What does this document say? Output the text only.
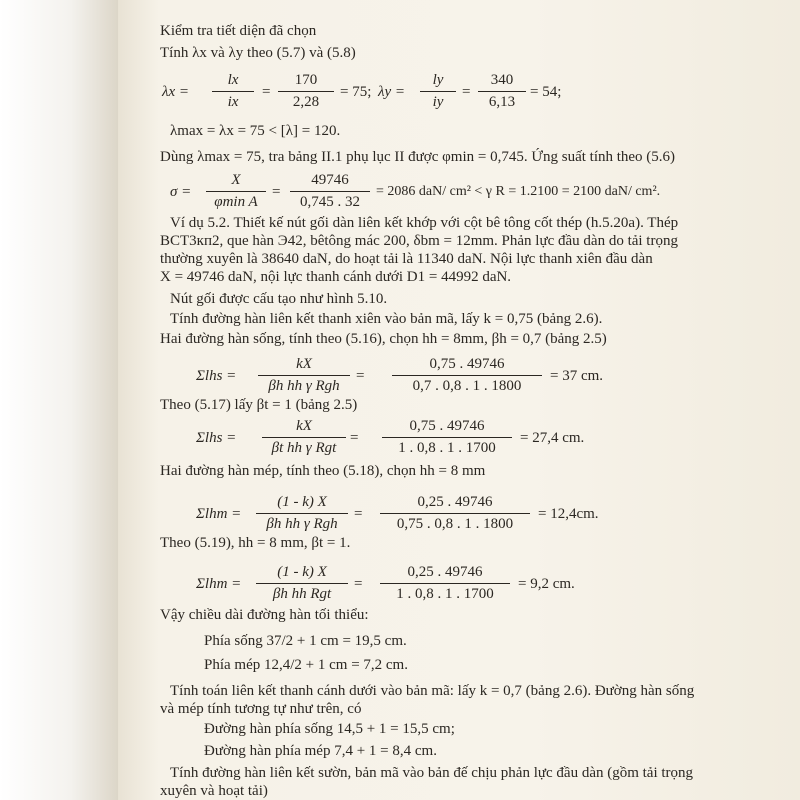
Kiểm tra tiết diện đã chọn
Tính λx và λy theo (5.7) và (5.8)
λx =
lx
ix
=
170
2,28
= 75; λy =
ly
iy
=
340
6,13
= 54;
λmax = λx = 75 < [λ] = 120.
Dùng λmax = 75, tra bảng II.1 phụ lục II được φmin = 0,745. Ứng suất tính theo (5.6)
σ =
X
φmin A
=
49746
0,745 . 32
= 2086 daN/ cm² < γ R = 1.2100 = 2100 daN/ cm².
Ví dụ 5.2. Thiết kế nút gối dàn liên kết khớp với cột bê tông cốt thép (h.5.20a). Thép
BCT3кп2, que hàn Э42, bêtông mác 200, δbm = 12mm. Phản lực đầu dàn do tải trọng
thường xuyên là 38640 daN, do hoạt tải là 11340 daN. Nội lực thanh xiên đầu dàn
X = 49746 daN, nội lực thanh cánh dưới D1 = 44992 daN.
Nút gối được cấu tạo như hình 5.10.
Tính đường hàn liên kết thanh xiên vào bản mã, lấy k = 0,75 (bảng 2.6).
Hai đường hàn sống, tính theo (5.16), chọn hh = 8mm, βh = 0,7 (bảng 2.5)
Σlhs =
kX
βh hh γ Rgh
=
0,75 . 49746
0,7 . 0,8 . 1 . 1800
= 37 cm.
Theo (5.17) lấy βt = 1 (bảng 2.5)
Σlhs =
kX
βt hh γ Rgt
=
0,75 . 49746
1 . 0,8 . 1 . 1700
= 27,4 cm.
Hai đường hàn mép, tính theo (5.18), chọn hh = 8 mm
Σlhm =
(1 - k) X
βh hh γ Rgh
=
0,25 . 49746
0,75 . 0,8 . 1 . 1800
= 12,4cm.
Theo (5.19), hh = 8 mm, βt = 1.
Σlhm =
(1 - k) X
βh hh Rgt
=
0,25 . 49746
1 . 0,8 . 1 . 1700
= 9,2 cm.
Vậy chiều dài đường hàn tối thiểu:
Phía sống 37/2 + 1 cm = 19,5 cm.
Phía mép 12,4/2 + 1 cm = 7,2 cm.
Tính toán liên kết thanh cánh dưới vào bản mã: lấy k = 0,7 (bảng 2.6). Đường hàn sống
và mép tính tương tự như trên, có
Đường hàn phía sống 14,5 + 1 = 15,5 cm;
Đường hàn phía mép 7,4 + 1 = 8,4 cm.
Tính đường hàn liên kết sườn, bản mã vào bản đế chịu phản lực đầu dàn (gồm tải trọng
xuyên và hoạt tải)
